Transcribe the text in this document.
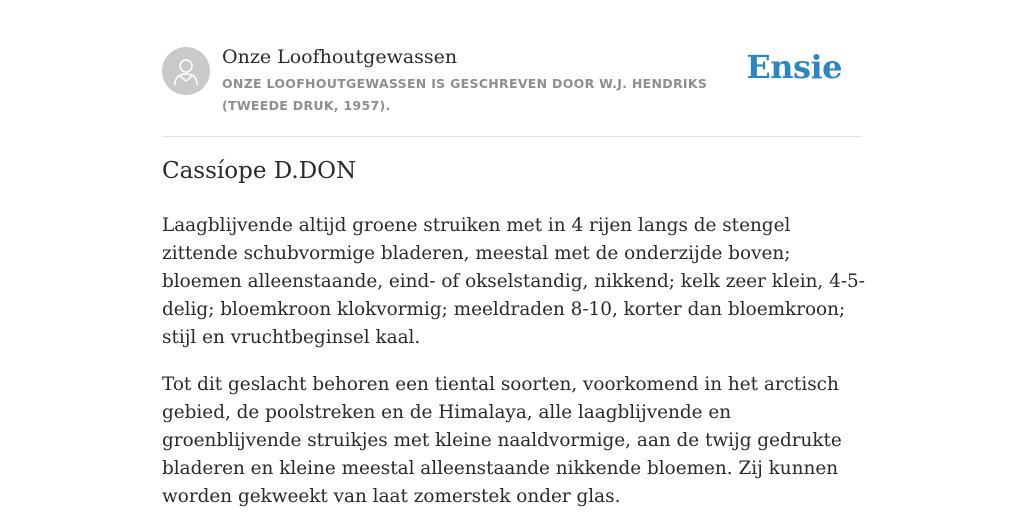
Onze Loofhoutgewassen
ONZE LOOFHOUTGEWASSEN IS GESCHREVEN DOOR W.J. HENDRIKS (TWEEDE DRUK, 1957).
Ensie
Cassíope D.DON

Laagblijvende altijd groene struiken met in 4 rijen langs de stengel zittende schubvormige bladeren, meestal met de onderzijde boven; bloemen alleenstaande, eind- of okselstandig, nikkend; kelk zeer klein, 4-5-delig; bloemkroon klokvormig; meeldraden 8-10, korter dan bloemkroon; stijl en vruchtbeginsel kaal.

Tot dit geslacht behoren een tiental soorten, voorkomend in het arctisch gebied, de poolstreken en de Himalaya, alle laagblijvende en groenblijvende struikjes met kleine naaldvormige, aan de twijg gedrukte bladeren en kleine meestal alleenstaande nikkende bloemen. Zij kunnen worden gekweekt van laat zomerstek onder glas.
